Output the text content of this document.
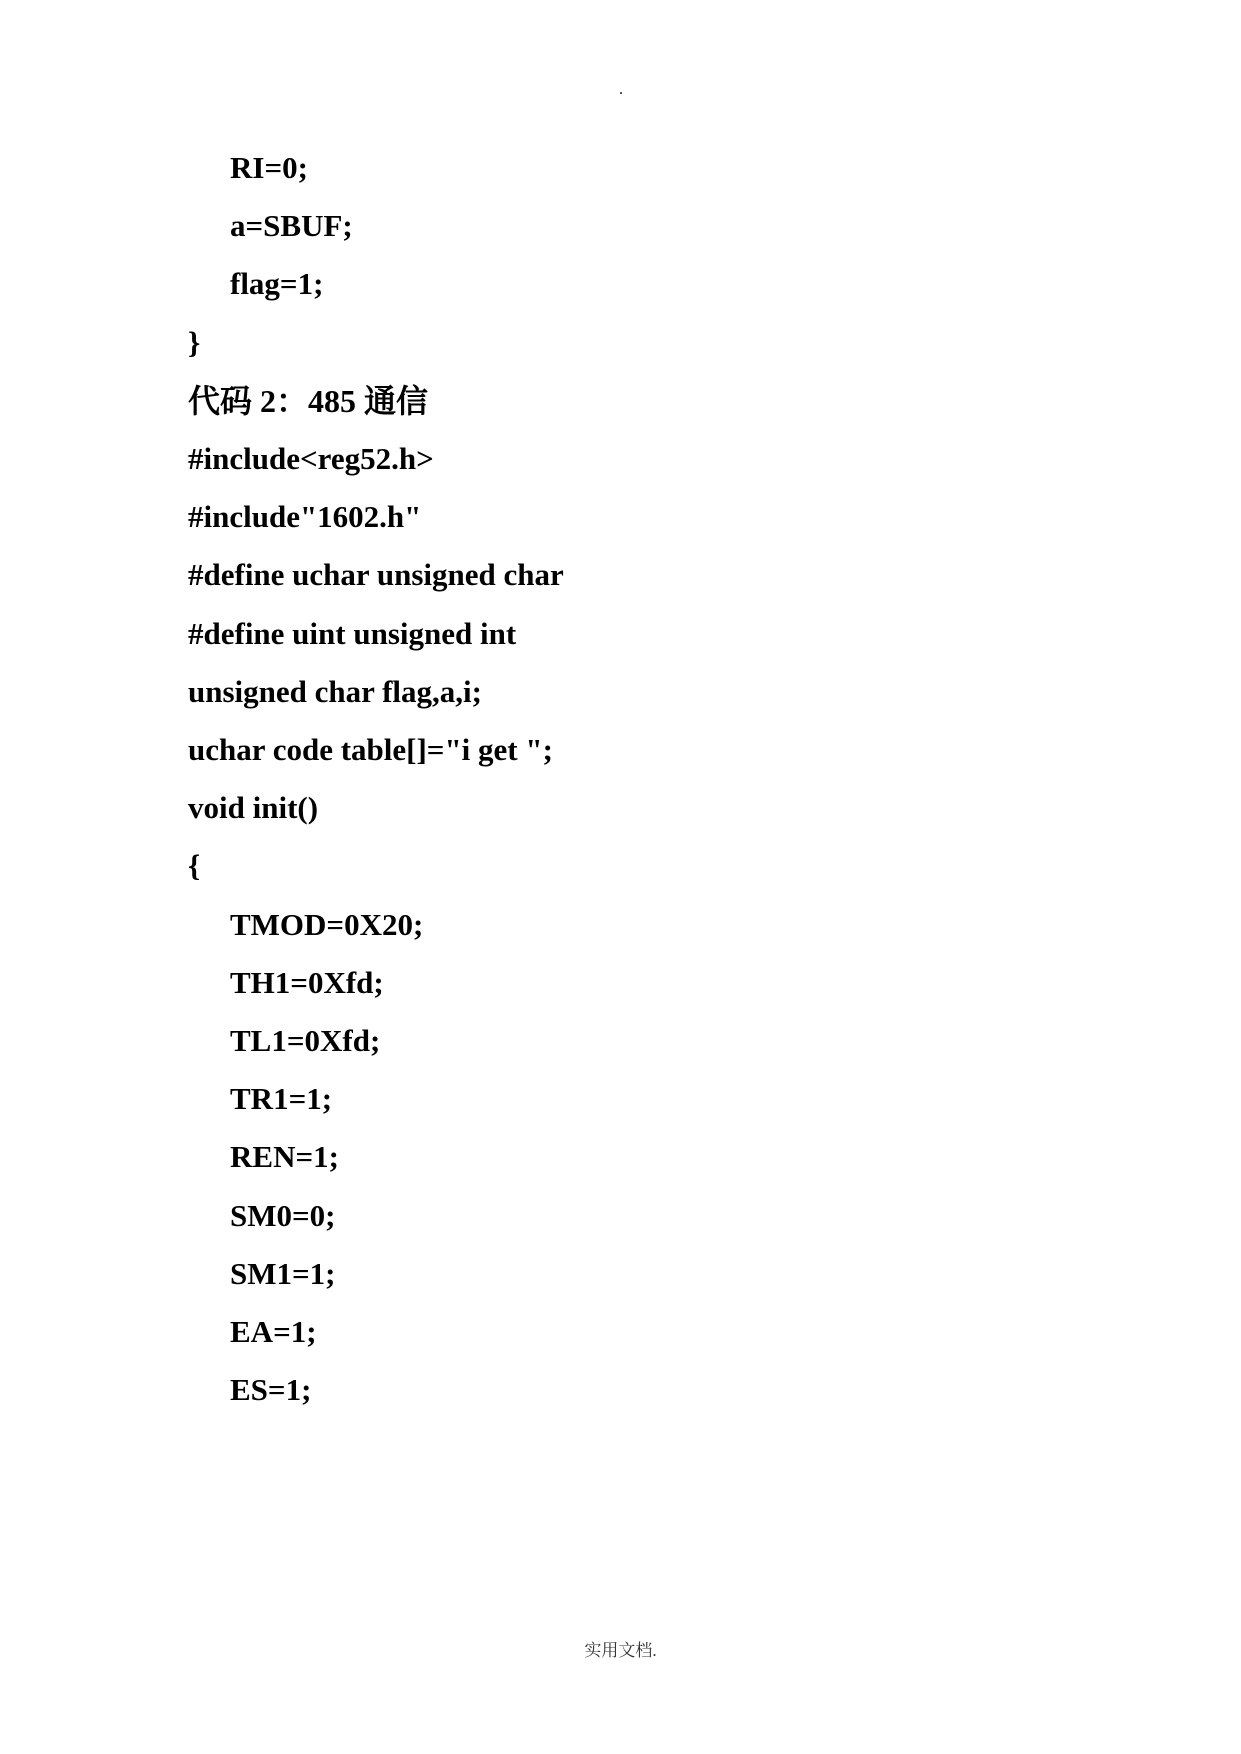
RI=0;
a=SBUF;
flag=1;
}
代码 2：485 通信
#include<reg52.h>
#include"1602.h"
#define uchar unsigned char
#define uint unsigned int
unsigned char flag,a,i;
uchar code table[]="i get ";
void init()
{
TMOD=0X20;
TH1=0Xfd;
TL1=0Xfd;
TR1=1;
REN=1;
SM0=0;
SM1=1;
EA=1;
ES=1;
实用文档.
